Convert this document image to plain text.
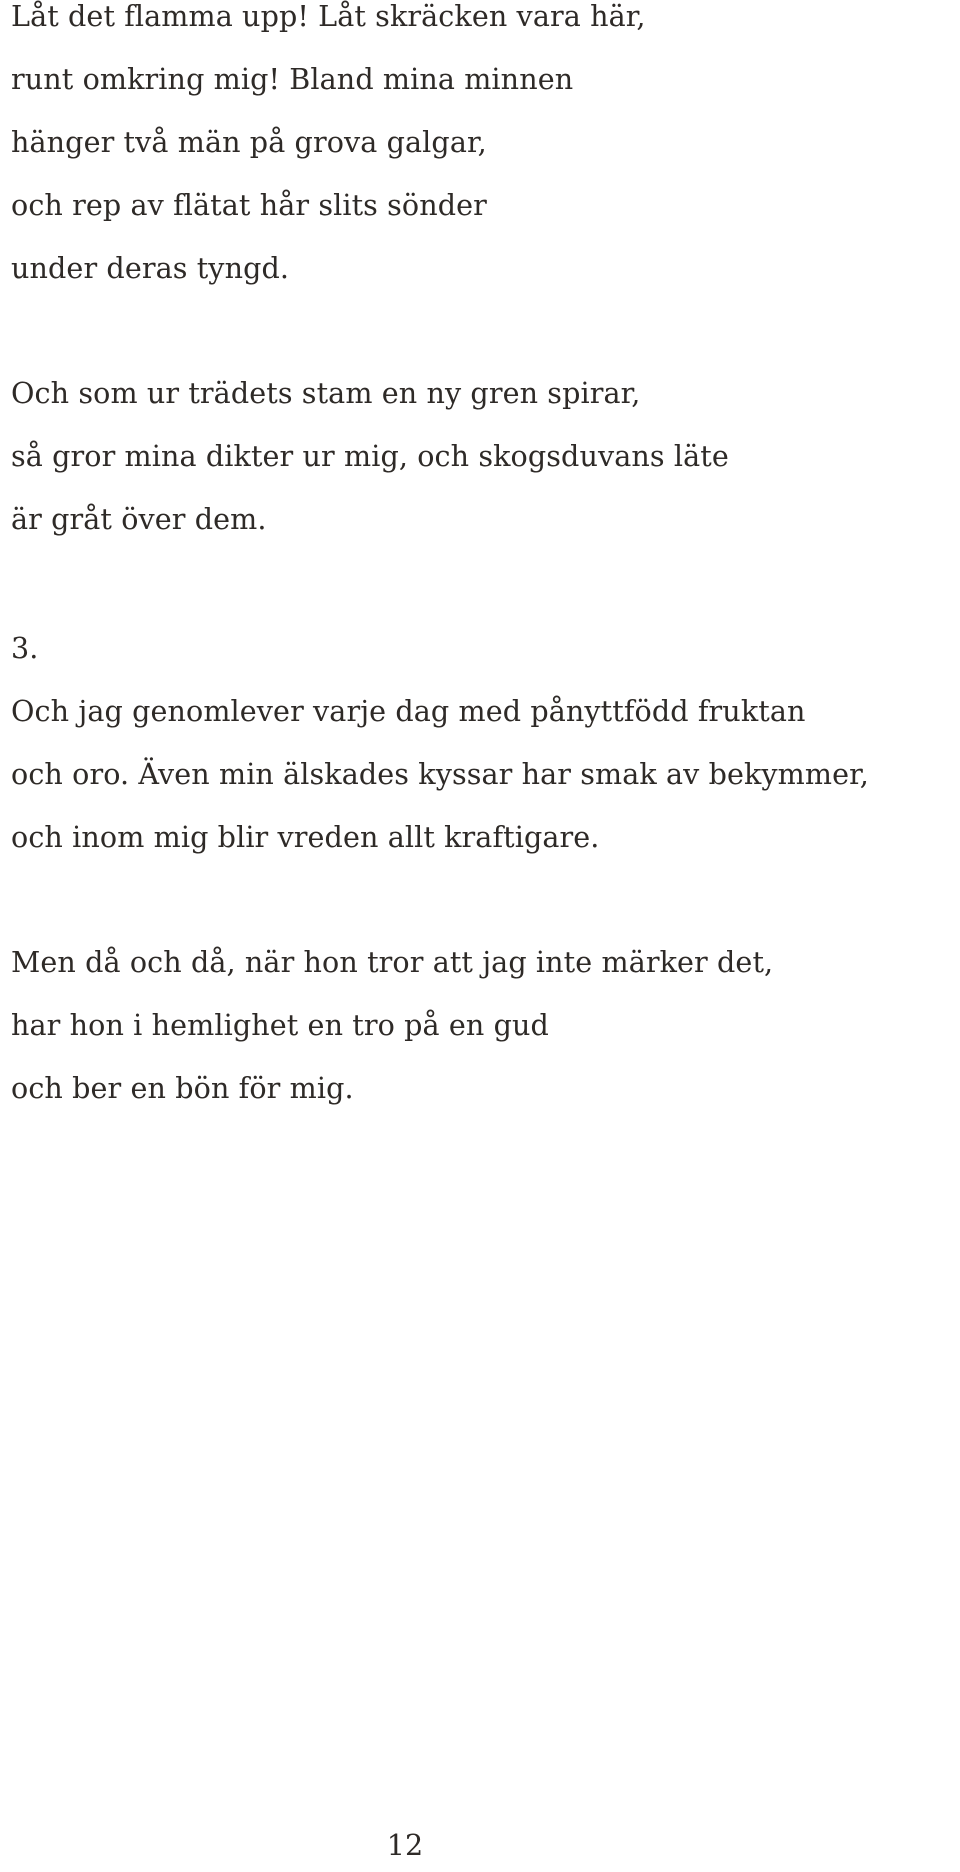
Låt det flamma upp! Låt skräcken vara här,
runt omkring mig! Bland mina minnen
hänger två män på grova galgar,
och rep av flätat hår slits sönder
under deras tyngd.
Och som ur trädets stam en ny gren spirar,
så gror mina dikter ur mig, och skogsduvans läte
är gråt över dem.
3.
Och jag genomlever varje dag med pånyttfödd fruktan
och oro. Även min älskades kyssar har smak av bekymmer,
och inom mig blir vreden allt kraftigare.
Men då och då, när hon tror att jag inte märker det,
har hon i hemlighet en tro på en gud
och ber en bön för mig.
12
